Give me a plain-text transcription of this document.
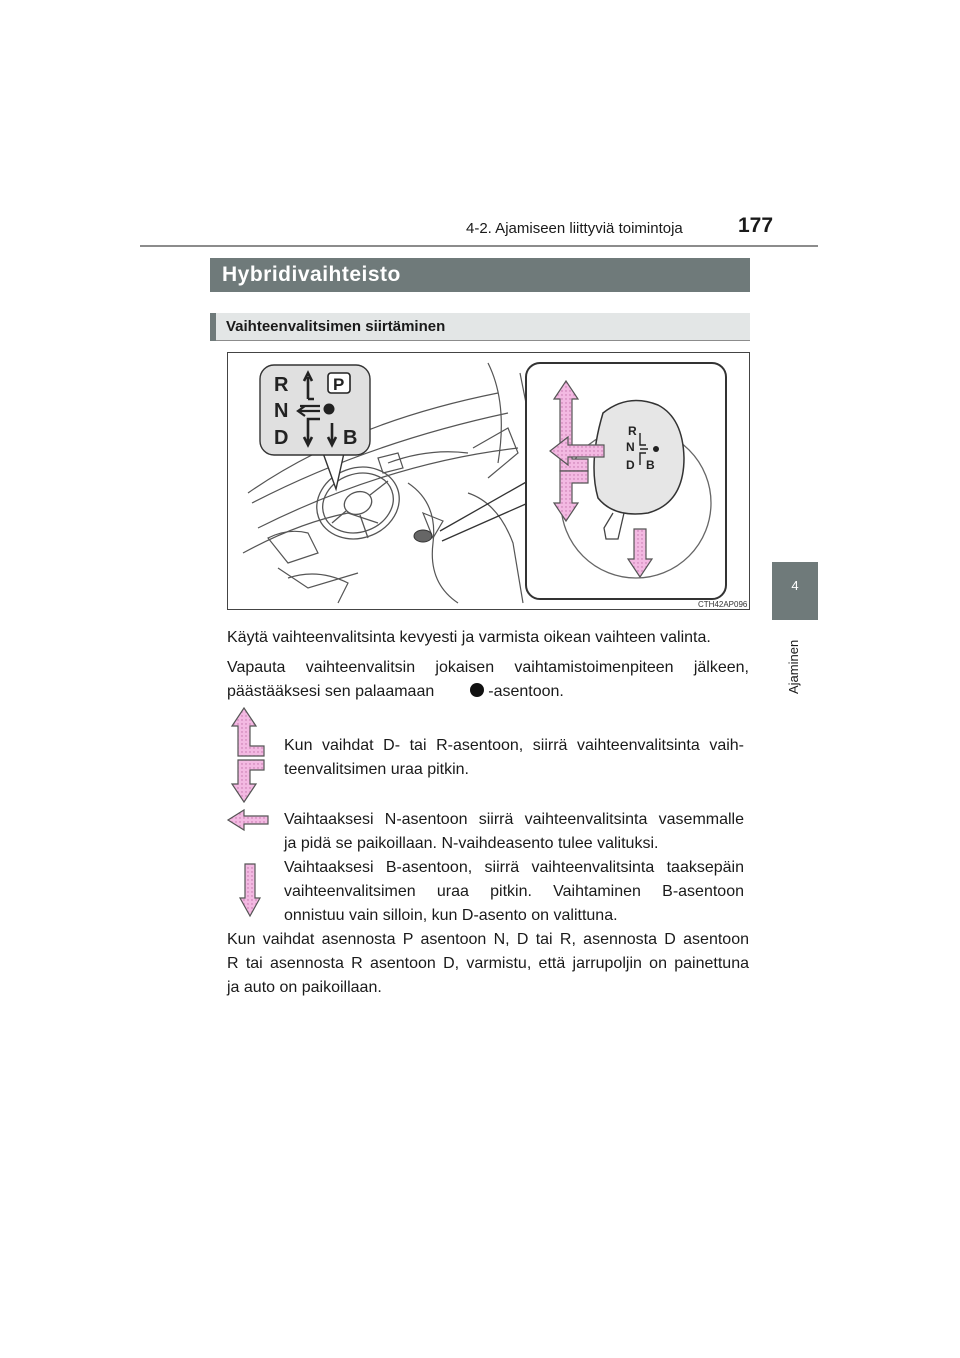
4-2. Ajamiseen liittyviä toimintoja	177
4
Ajaminen
Hybridivaihteisto
Vaihteenvalitsimen siirtäminen
R
N
D	B
P
R
N
D B
CTH42AP096
Käytä vaihteenvalitsinta kevyesti ja varmista oikean vaihteen valinta.
Vapauta vaihteenvalitsin jokaisen vaihtamistoimenpiteen jälkeen,
päästääksesi sen palaamaan	-asentoon.
Kun vaihdat D- tai R-asentoon, siirrä vaihteenvalitsinta vaih-
teenvalitsimen uraa pitkin.
Vaihtaaksesi N-asentoon siirrä vaihteenvalitsinta vasemmalle
ja pidä se paikoillaan. N-vaihdeasento tulee valituksi.
Vaihtaaksesi B-asentoon, siirrä vaihteenvalitsinta taaksepäin
vaihteenvalitsimen uraa pitkin. Vaihtaminen B-asentoon
onnistuu vain silloin, kun D-asento on valittuna.
Kun vaihdat asennosta P asentoon N, D tai R, asennosta D asentoon
R tai asennosta R asentoon D, varmistu, että jarrupoljin on painettuna
ja auto on paikoillaan.
